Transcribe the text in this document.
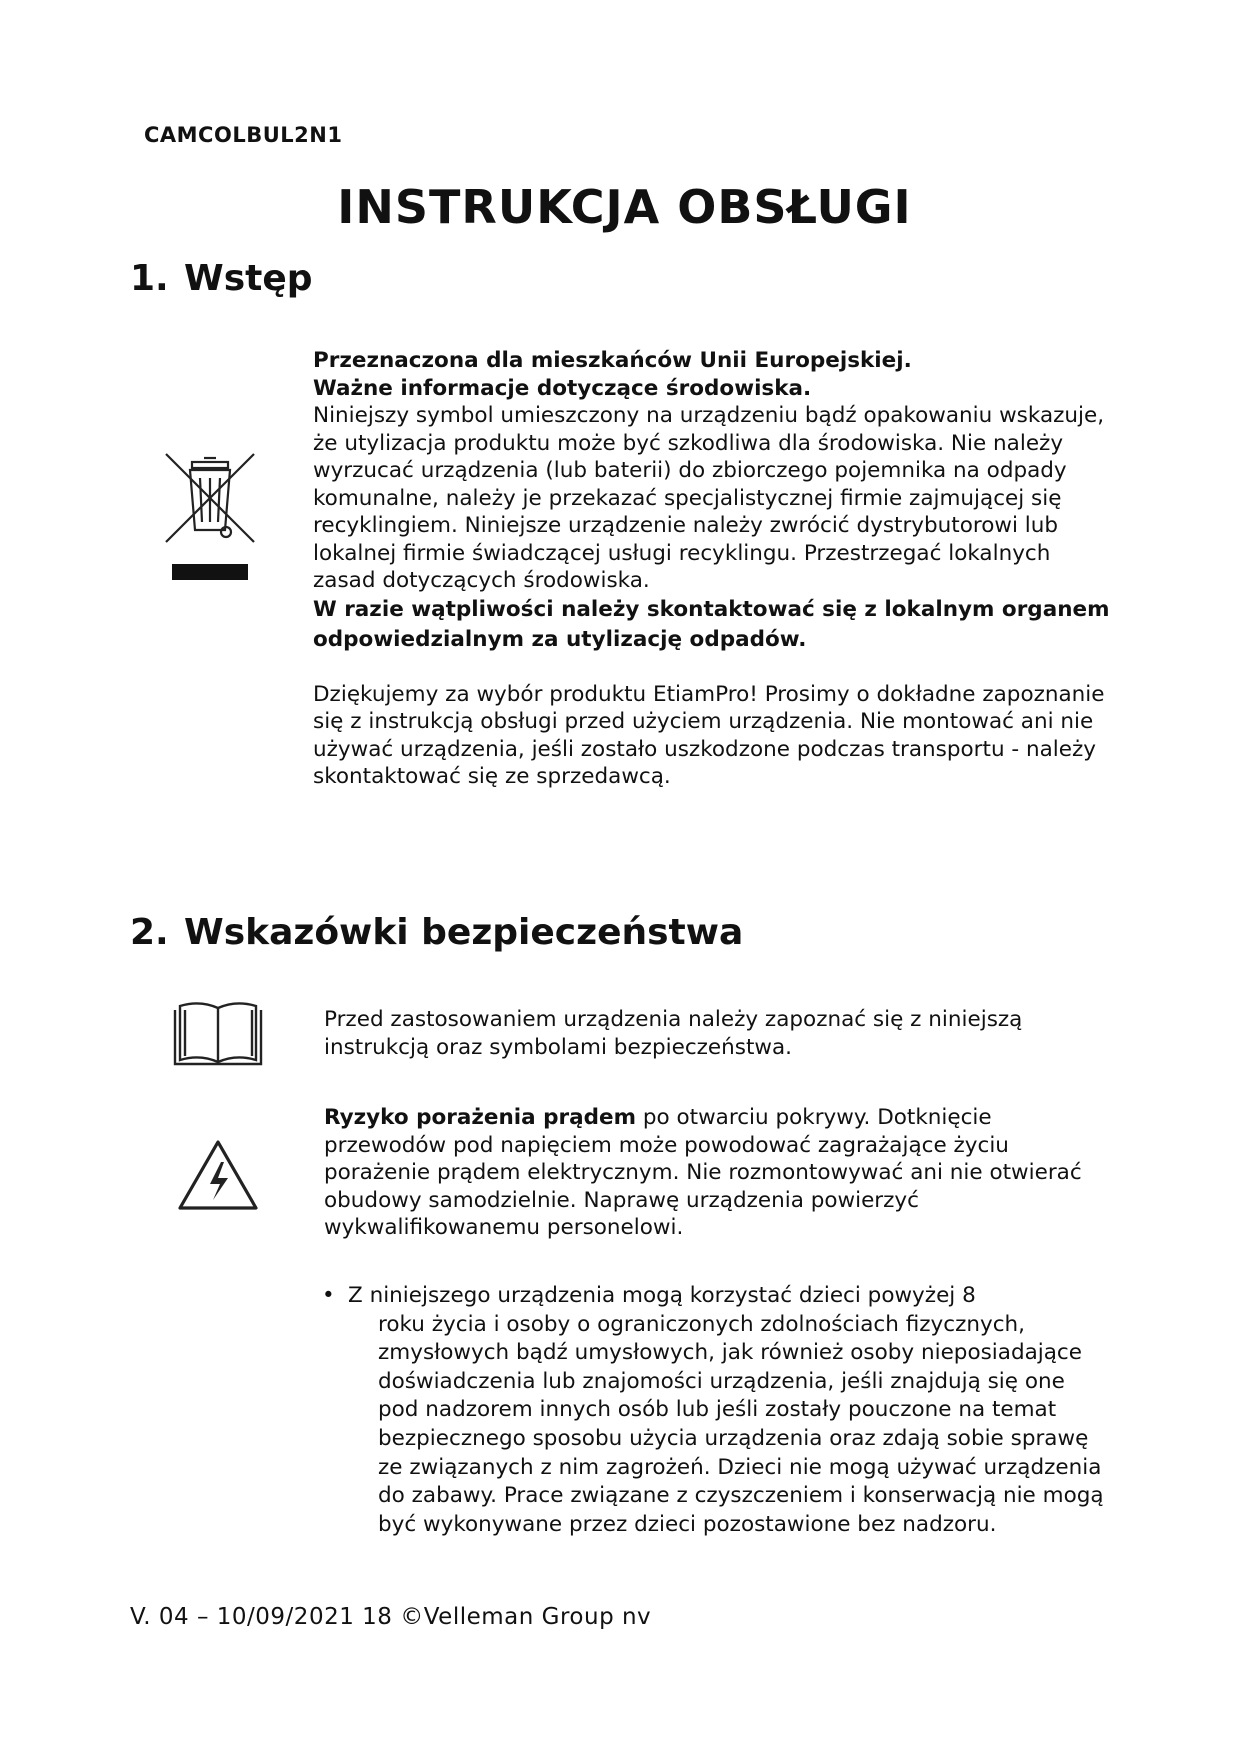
CAMCOLBUL2N1
INSTRUKCJA OBSŁUGI
1. Wstęp

Przeznaczona dla mieszkańców Unii Europejskiej.

Ważne informacje dotyczące środowiska.

Niniejszy symbol umieszczony na urządzeniu bądź opakowaniu wskazuje, że utylizacja produktu może być szkodliwa dla środowiska. Nie należy wyrzucać urządzenia (lub baterii) do zbiorczego pojemnika na odpady komunalne, należy je przekazać specjalistycznej firmie zajmującej się recyklingiem. Niniejsze urządzenie należy zwrócić dystrybutorowi lub lokalnej firmie świadczącej usługi recyklingu. Przestrzegać lokalnych zasad dotyczących środowiska.

W razie wątpliwości należy skontaktować się z lokalnym organem odpowiedzialnym za utylizację odpadów.

Dziękujemy za wybór produktu EtiamPro! Prosimy o dokładne zapoznanie się z instrukcją obsługi przed użyciem urządzenia. Nie montować ani nie używać urządzenia, jeśli zostało uszkodzone podczas transportu - należy skontaktować się ze sprzedawcą.

2. Wskazówki bezpieczeństwa
Przed zastosowaniem urządzenia należy zapoznać się z niniejszą instrukcją oraz symbolami bezpieczeństwa.
Ryzyko porażenia prądem po otwarciu pokrywy. Dotknięcie przewodów pod napięciem może powodować zagrażające życiu porażenie prądem elektrycznym. Nie rozmontowywać ani nie otwierać obudowy samodzielnie. Naprawę urządzenia powierzyć wykwalifikowanemu personelowi.
• Z niniejszego urządzenia mogą korzystać dzieci powyżej 8
roku życia i osoby o ograniczonych zdolnościach fizycznych, zmysłowych bądź umysłowych, jak również osoby nieposiadające doświadczenia lub znajomości urządzenia, jeśli znajdują się one pod nadzorem innych osób lub jeśli zostały pouczone na temat bezpiecznego sposobu użycia urządzenia oraz zdają sobie sprawę ze związanych z nim zagrożeń. Dzieci nie mogą używać urządzenia do zabawy. Prace związane z czyszczeniem i konserwacją nie mogą być wykonywane przez dzieci pozostawione bez nadzoru.
V. 04 – 10/09/2021 18 ©Velleman Group nv
